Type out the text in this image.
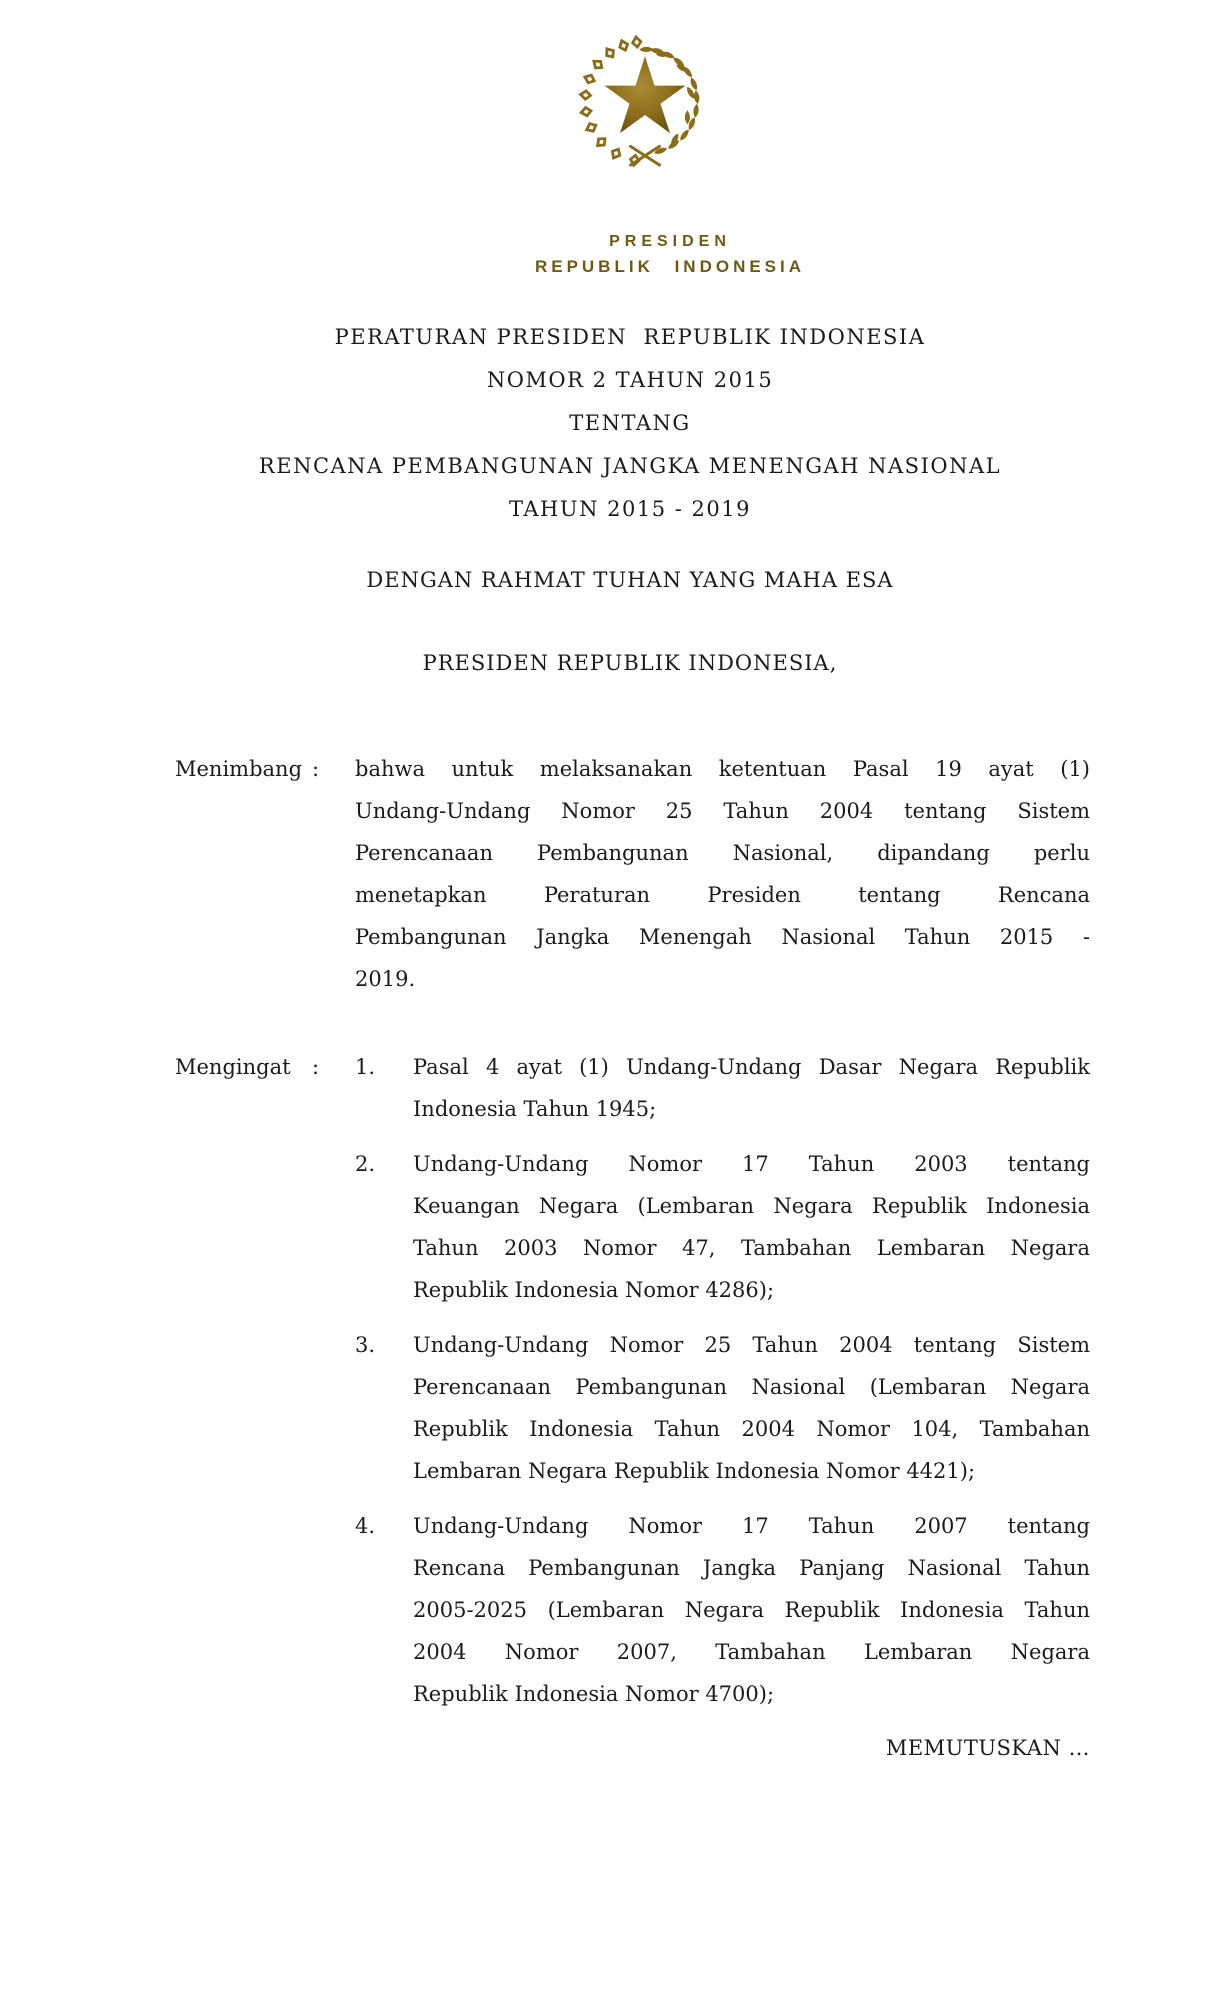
PRESIDEN
REPUBLIK INDONESIA
PERATURAN PRESIDEN  REPUBLIK INDONESIA
NOMOR 2 TAHUN 2015
TENTANG
RENCANA PEMBANGUNAN JANGKA MENENGAH NASIONAL
TAHUN 2015 - 2019
DENGAN RAHMAT TUHAN YANG MAHA ESA
PRESIDEN REPUBLIK INDONESIA,
Menimbang : bahwa untuk melaksanakan ketentuan Pasal 19 ayat (1)
Undang-Undang Nomor 25 Tahun 2004 tentang Sistem
Perencanaan Pembangunan Nasional, dipandang perlu
menetapkan Peraturan Presiden tentang Rencana
Pembangunan Jangka Menengah Nasional Tahun 2015 -
2019.
Mengingat : 1.	Pasal 4 ayat (1) Undang-Undang Dasar Negara Republik
Indonesia Tahun 1945;
2.	Undang-Undang Nomor 17 Tahun 2003 tentang
Keuangan Negara (Lembaran Negara Republik Indonesia
Tahun 2003 Nomor 47, Tambahan Lembaran Negara
Republik Indonesia Nomor 4286);
3.	Undang-Undang Nomor 25 Tahun 2004 tentang Sistem
Perencanaan Pembangunan Nasional (Lembaran Negara
Republik Indonesia Tahun 2004 Nomor 104, Tambahan
Lembaran Negara Republik Indonesia Nomor 4421);
4.	Undang-Undang Nomor 17 Tahun 2007 tentang
Rencana Pembangunan Jangka Panjang Nasional Tahun
2005-2025 (Lembaran Negara Republik Indonesia Tahun
2004 Nomor 2007, Tambahan Lembaran Negara
Republik Indonesia Nomor 4700);
MEMUTUSKAN …
